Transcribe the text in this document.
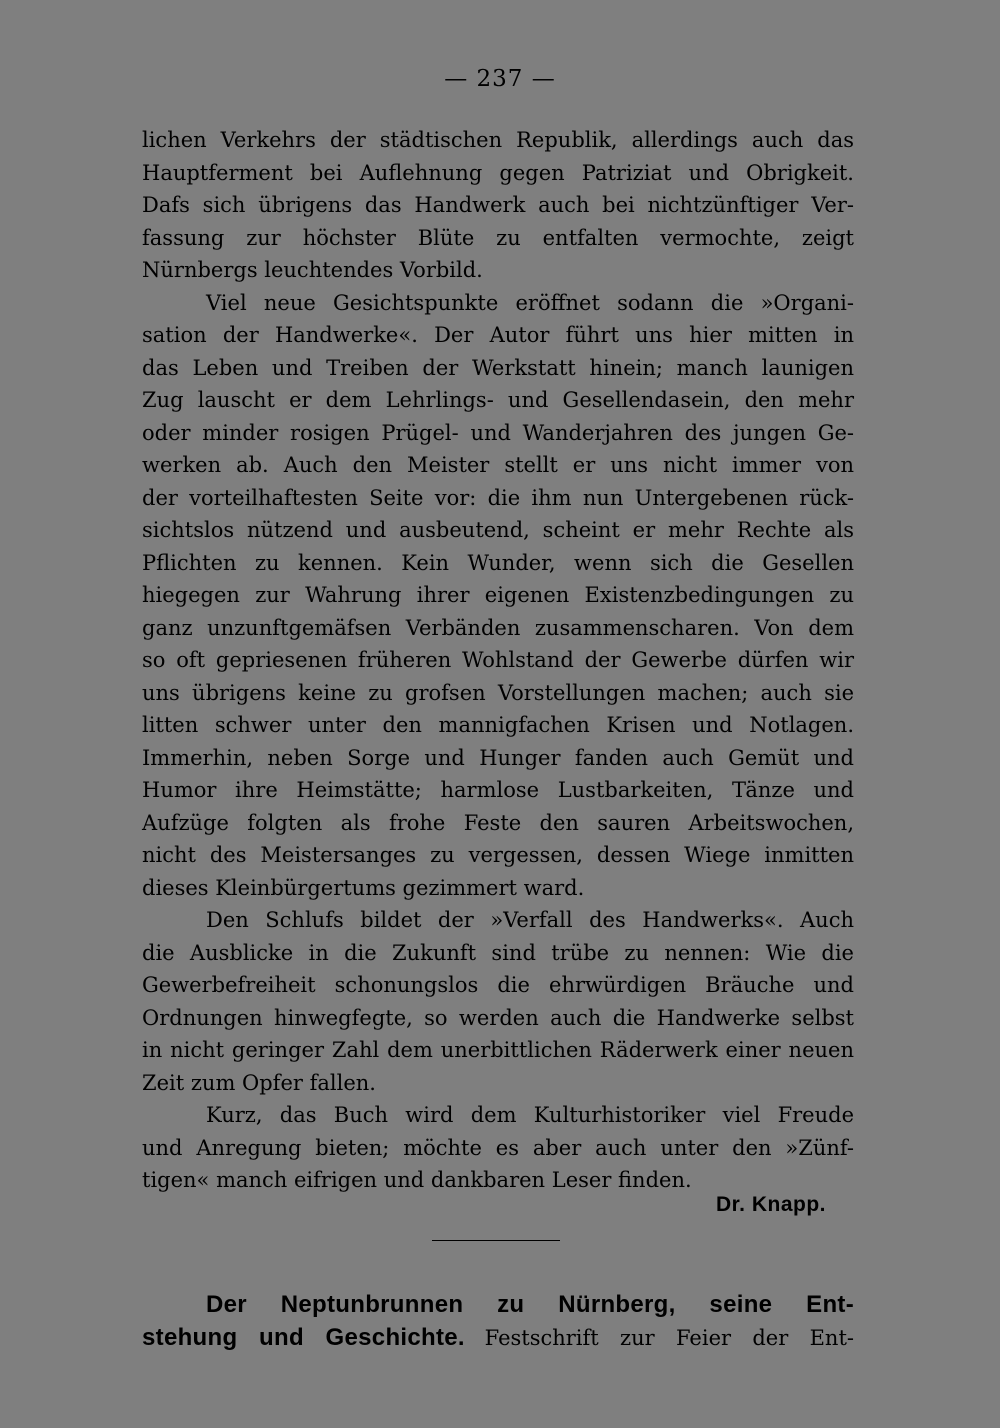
— 237 —
lichen Verkehrs der städtischen Republik, allerdings auch das
Hauptferment bei Auflehnung gegen Patriziat und Obrigkeit.
Dafs sich übrigens das Handwerk auch bei nichtzünftiger Ver-
fassung zur höchster Blüte zu entfalten vermochte, zeigt
Nürnbergs leuchtendes Vorbild.
Viel neue Gesichtspunkte eröffnet sodann die »Organi-
sation der Handwerke«. Der Autor führt uns hier mitten in
das Leben und Treiben der Werkstatt hinein; manch launigen
Zug lauscht er dem Lehrlings- und Gesellendasein, den mehr
oder minder rosigen Prügel- und Wanderjahren des jungen Ge-
werken ab. Auch den Meister stellt er uns nicht immer von
der vorteilhaftesten Seite vor: die ihm nun Untergebenen rück-
sichtslos nützend und ausbeutend, scheint er mehr Rechte als
Pflichten zu kennen. Kein Wunder, wenn sich die Gesellen
hiegegen zur Wahrung ihrer eigenen Existenzbedingungen zu
ganz unzunftgemäfsen Verbänden zusammenscharen. Von dem
so oft gepriesenen früheren Wohlstand der Gewerbe dürfen wir
uns übrigens keine zu grofsen Vorstellungen machen; auch sie
litten schwer unter den mannigfachen Krisen und Notlagen.
Immerhin, neben Sorge und Hunger fanden auch Gemüt und
Humor ihre Heimstätte; harmlose Lustbarkeiten, Tänze und
Aufzüge folgten als frohe Feste den sauren Arbeitswochen,
nicht des Meistersanges zu vergessen, dessen Wiege inmitten
dieses Kleinbürgertums gezimmert ward.
Den Schlufs bildet der »Verfall des Handwerks«. Auch
die Ausblicke in die Zukunft sind trübe zu nennen: Wie die
Gewerbefreiheit schonungslos die ehrwürdigen Bräuche und
Ordnungen hinwegfegte, so werden auch die Handwerke selbst
in nicht geringer Zahl dem unerbittlichen Räderwerk einer neuen
Zeit zum Opfer fallen.
Kurz, das Buch wird dem Kulturhistoriker viel Freude
und Anregung bieten; möchte es aber auch unter den »Zünf-
tigen« manch eifrigen und dankbaren Leser finden.
Dr. Knapp.
Der Neptunbrunnen zu Nürnberg, seine Ent-
stehung und Geschichte. Festschrift zur Feier der Ent-
